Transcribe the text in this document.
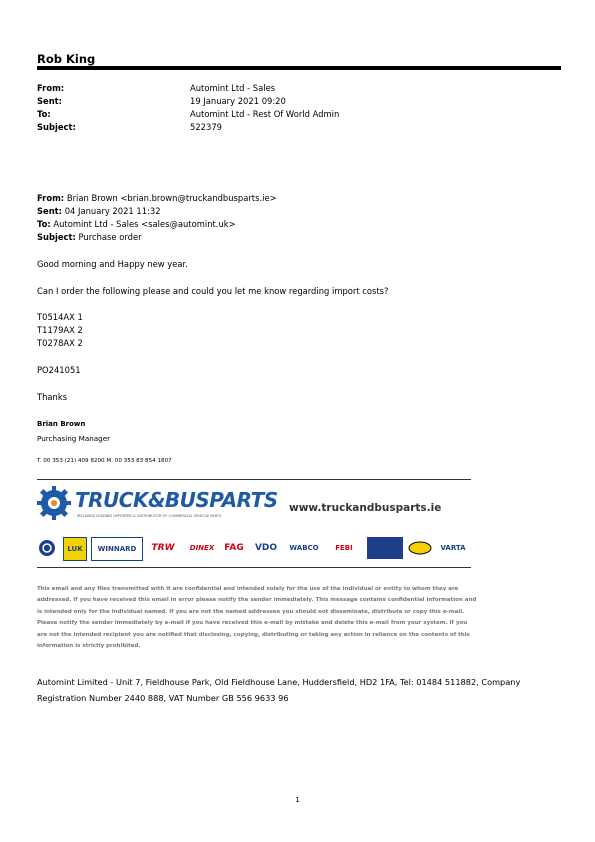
Rob King
From:	Automint Ltd - Sales
Sent:	19 January 2021 09:20
To:	Automint Ltd - Rest Of World Admin
Subject:	522379
From: Brian Brown <brian.brown@truckandbusparts.ie>
Sent: 04 January 2021 11:32
To: Automint Ltd - Sales <sales@automint.uk>
Subject: Purchase order
Good morning and Happy new year.
Can I order the following please and could you let me know regarding import costs?
T0514AX 1
T1179AX 2
T0278AX 2
PO241051
Thanks
Brian Brown
Purchasing Manager
T. 00 353 (21) 409 8200 M. 00 353 83 854 1807
TRUCK&BUSPARTS
IRELANDS LEADING IMPORTER & DISTRIBUTOR OF COMMERCIAL VEHICLE PARTS
www.truckandbusparts.ie
LUK	WINNARD	TRW	DINEX	FAG	VDO	WABCO	FEBI	VARTA
This email and any files transmitted with it are confidential and intended solely for the use of the individual or entity to whom they are addressed. If you have received this email in error please notify the sender immediately. This message contains confidential information and is intended only for the individual named. If you are not the named addressee you should not disseminate, distribute or copy this e-mail. Please notify the sender immediately by e-mail if you have received this e-mail by mistake and delete this e-mail from your system. If you are not the intended recipient you are notified that disclosing, copying, distributing or taking any action in reliance on the contents of this information is strictly prohibited.
Automint Limited - Unit 7, Fieldhouse Park, Old Fieldhouse Lane, Huddersfield, HD2 1FA, Tel: 01484 511882, Company Registration Number 2440 888, VAT Number GB 556 9633 96
1
